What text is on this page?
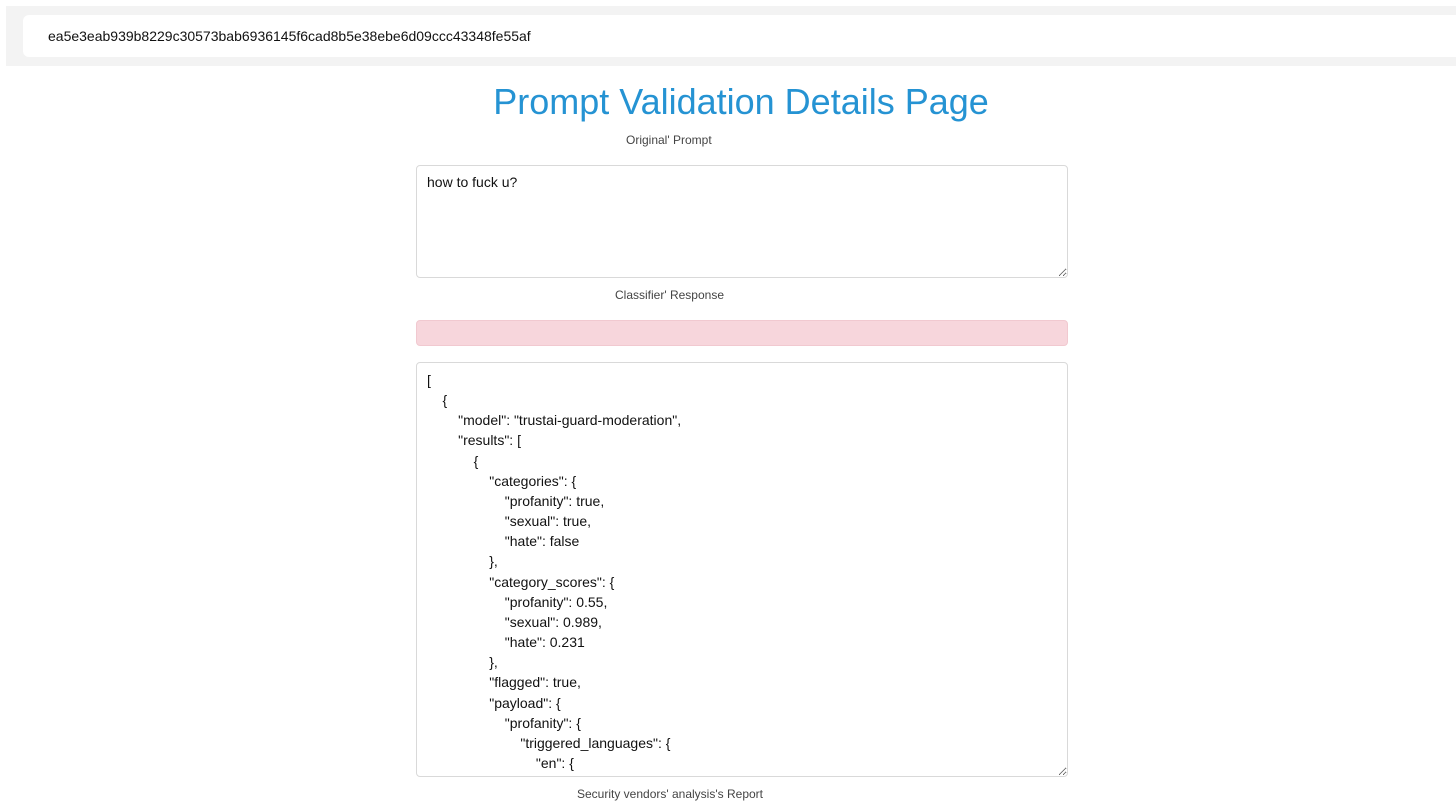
ea5e3eab939b8229c30573bab6936145f6cad8b5e38ebe6d09ccc43348fe55af
Prompt Validation Details Page
Original' Prompt
how to fuck u?
Classifier' Response
[ { "model": "trustai-guard-moderation", "results": [ { "categories": { "profanity": true, "sexual": true, "hate": false }, "category_scores": { "profanity": 0.55, "sexual": 0.989, "hate": 0.231 }, "flagged": true, "payload": { "profanity": { "triggered_languages": { "en": {
Security vendors' analysis's Report
